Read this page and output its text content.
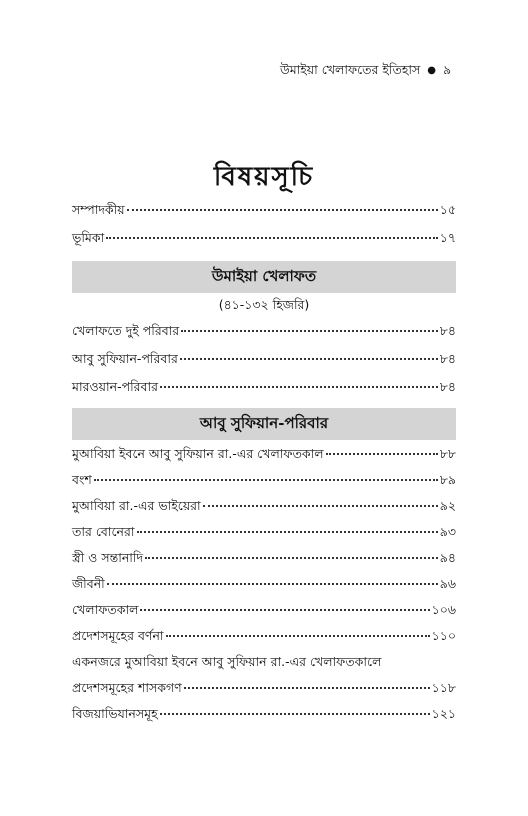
উমাইয়া খেলাফতের ইতিহাস ● ৯
বিষয়সূচি
সম্পাদকীয়	১৫
ভূমিকা	১৭
উমাইয়া খেলাফত
(৪১-১৩২ হিজরি)
খেলাফতে দুই পরিবার	৮৪
আবু সুফিয়ান-পরিবার	৮৪
মারওয়ান-পরিবার	৮৪
আবু সুফিয়ান-পরিবার
মুআবিয়া ইবনে আবু সুফিয়ান রা.-এর খেলাফতকাল	৮৮
বংশ	৮৯
মুআবিয়া রা.-এর ভাইয়েরা	৯২
তার বোনেরা	৯৩
স্ত্রী ও সন্তানাদি	৯৪
জীবনী	৯৬
খেলাফতকাল	১০৬
প্রদেশসমূহের বর্ণনা	১১০
একনজরে মুআবিয়া ইবনে আবু সুফিয়ান রা.-এর খেলাফতকালে
প্রদেশসমূহের শাসকগণ	১১৮
বিজয়াভিযানসমূহ	১২১
